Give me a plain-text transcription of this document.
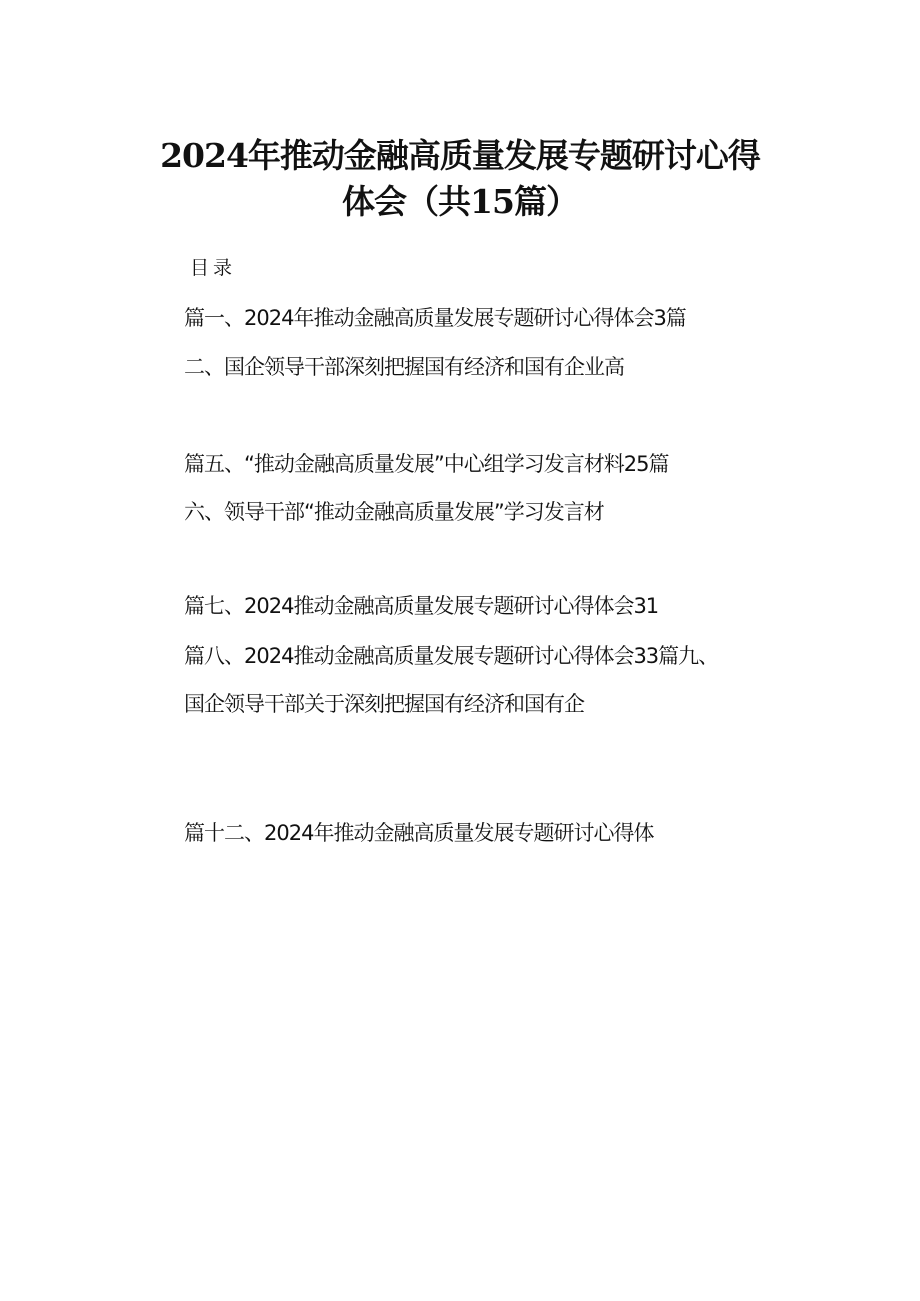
2024年推动金融高质量发展专题研讨心得
体会（共15篇）
目录
篇一、2024年推动金融高质量发展专题研讨心得体会3篇
二、国企领导干部深刻把握国有经济和国有企业高
篇五、“推动金融高质量发展”中心组学习发言材料25篇
六、领导干部“推动金融高质量发展”学习发言材
篇七、2024推动金融高质量发展专题研讨心得体会31
篇八、2024推动金融高质量发展专题研讨心得体会33篇九、
国企领导干部关于深刻把握国有经济和国有企
篇十二、2024年推动金融高质量发展专题研讨心得体
